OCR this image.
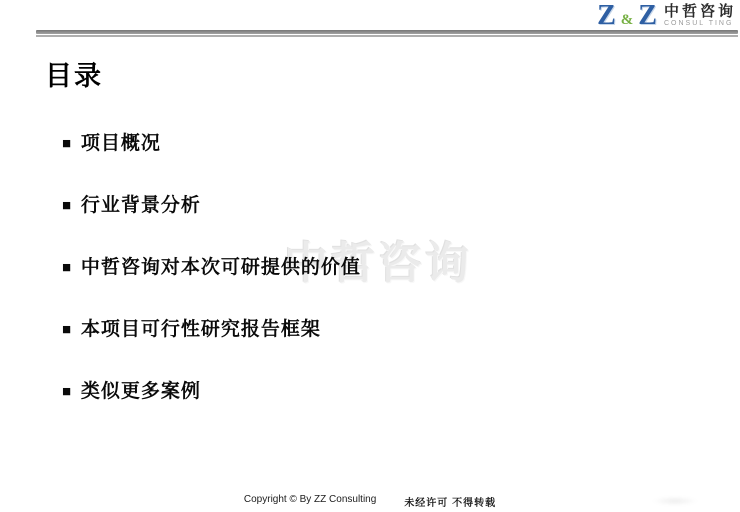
Z & Z 中哲咨询
CONSUL TING
目录
中哲咨询
■ 项目概况
■ 行业背景分析
■ 中哲咨询对本次可研提供的价值
■ 本项目可行性研究报告框架
■ 类似更多案例
Copyright © By ZZ Consulting	未经许可 不得转载
